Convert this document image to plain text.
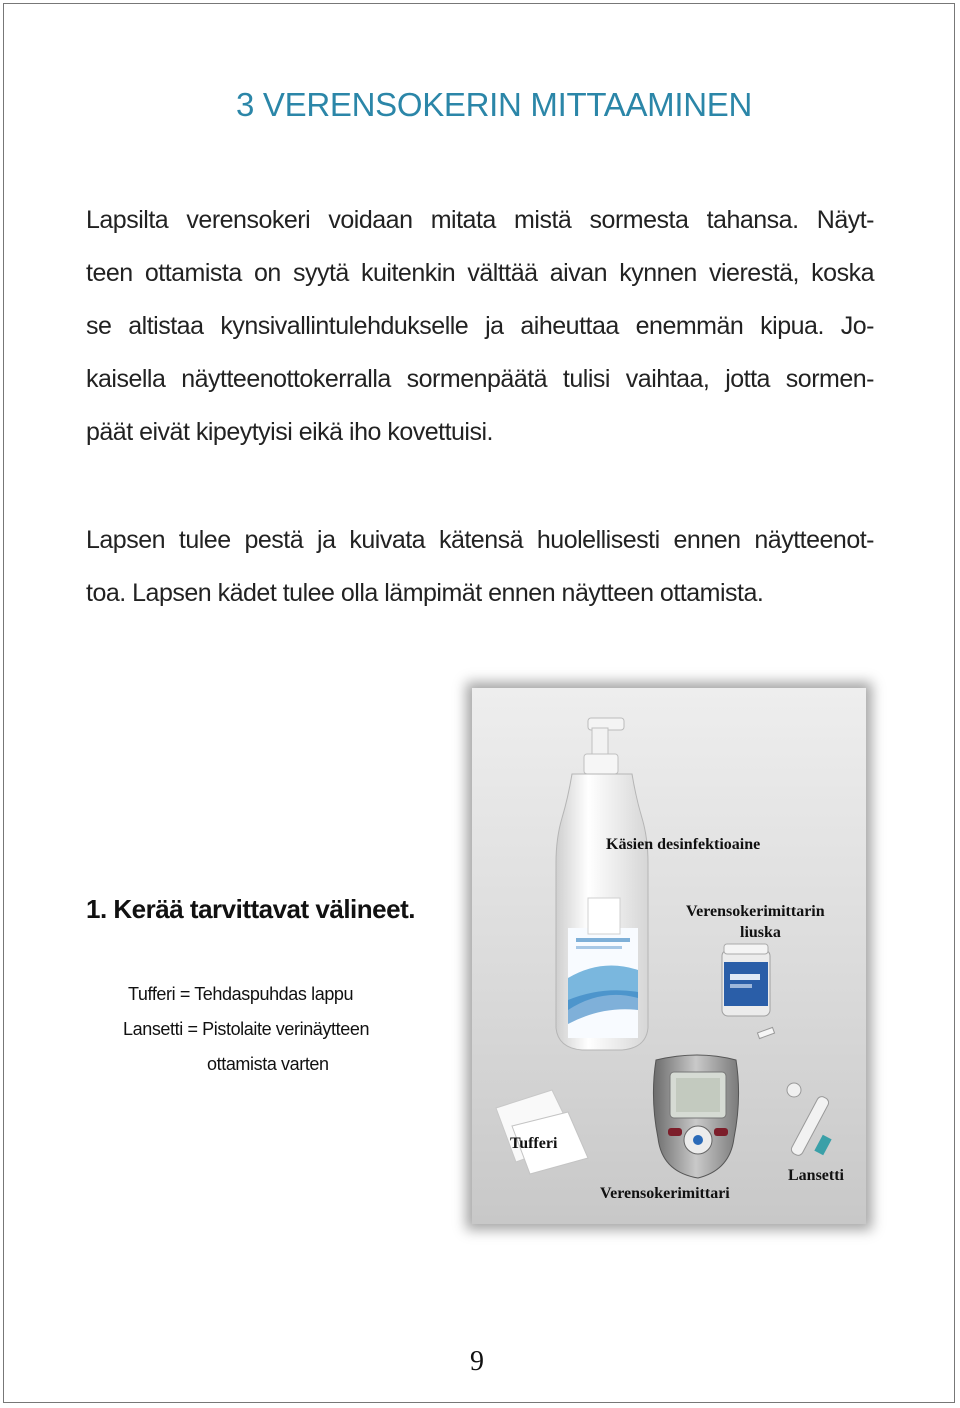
3 VERENSOKERIN MITTAAMINEN
Lapsilta verensokeri voidaan mitata mistä sormesta tahansa. Näyt-
teen ottamista on syytä kuitenkin välttää aivan kynnen vierestä, koska
se altistaa kynsivallintulehdukselle ja aiheuttaa enemmän kipua. Jo-
kaisella näytteenottokerralla sormenpäätä tulisi vaihtaa, jotta sormen-
päät eivät kipeytyisi eikä iho kovettuisi.
Lapsen tulee pestä ja kuivata kätensä huolellisesti ennen näytteenot-
toa. Lapsen kädet tulee olla lämpimät ennen näytteen ottamista.
Käsien desinfektioaine
Verensokerimittarin
liuska
Tufferi
Lansetti
Verensokerimittari
1. Kerää tarvittavat välineet.
Tufferi = Tehdaspuhdas lappu
Lansetti = Pistolaite verinäytteen
ottamista varten
9
